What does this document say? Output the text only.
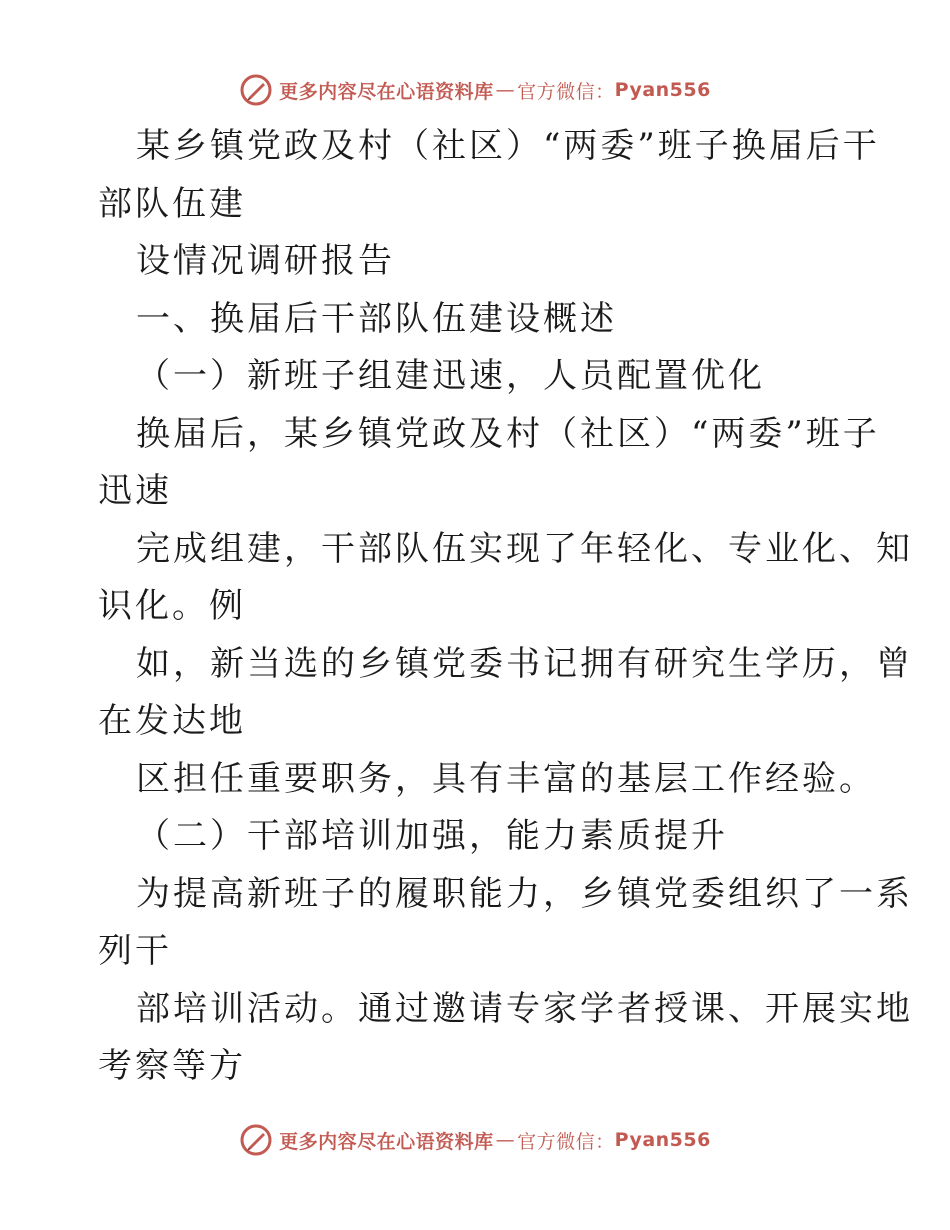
更多内容尽在心语资料库 — 官方微信： Pyan556
某乡镇党政及村（社区）“两委”班子换届后干
部队伍建
设情况调研报告
一、换届后干部队伍建设概述
（一）新班子组建迅速，人员配置优化
换届后，某乡镇党政及村（社区）“两委”班子
迅速
完成组建，干部队伍实现了年轻化、专业化、知
识化。例
如，新当选的乡镇党委书记拥有研究生学历，曾
在发达地
区担任重要职务，具有丰富的基层工作经验。
（二）干部培训加强，能力素质提升
为提高新班子的履职能力，乡镇党委组织了一系
列干
部培训活动。通过邀请专家学者授课、开展实地
考察等方
更多内容尽在心语资料库 — 官方微信： Pyan556
